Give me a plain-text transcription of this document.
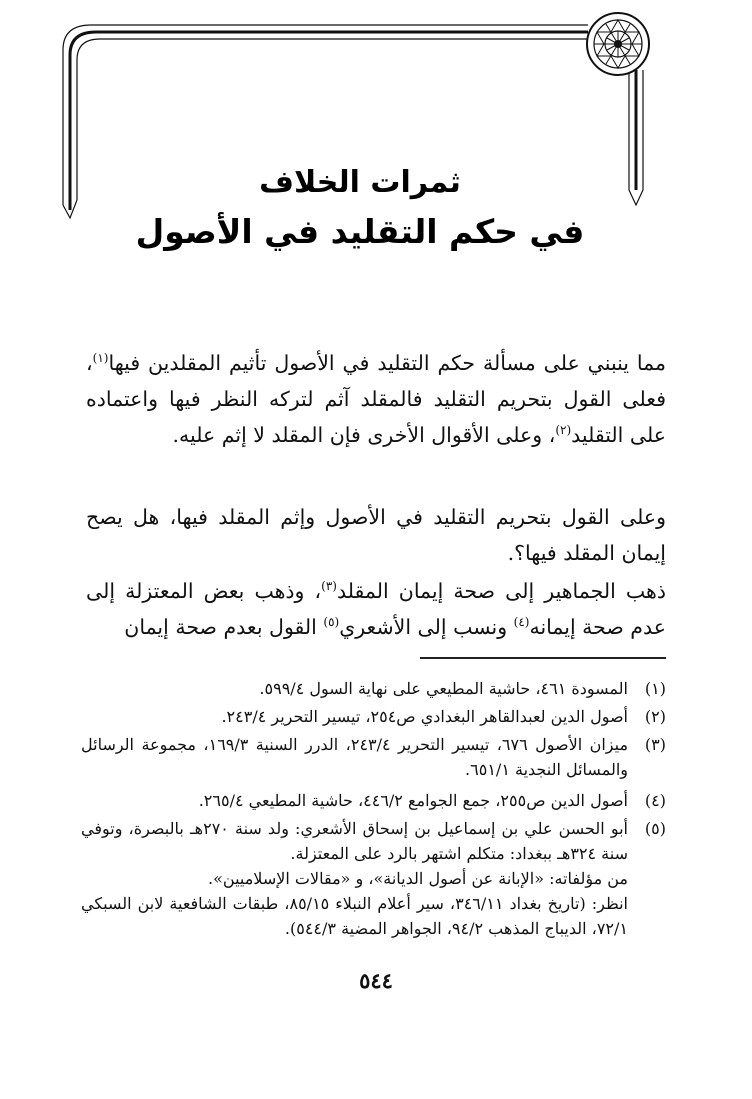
ثمرات الخلاف
في حكم التقليد في الأصول

مما ينبني على مسألة حكم التقليد في الأصول تأثيم المقلدين فيها$^{(١)}$، فعلى القول بتحريم التقليد فالمقلد آثم لتركه النظر فيها واعتماده على التقليد$^{(٢)}$، وعلى الأقوال الأخرى فإن المقلد لا إثم عليه.

وعلى القول بتحريم التقليد في الأصول وإثم المقلد فيها، هل يصح إيمان المقلد فيها؟.

ذهب الجماهير إلى صحة إيمان المقلد$^{(٣)}$، وذهب بعض المعتزلة إلى عدم صحة إيمانه$^{(٤)}$ ونسب إلى الأشعري$^{(٥)}$ القول بعدم صحة إيمان

(١)
المسودة ٤٦١، حاشية المطيعي على نهاية السول ٥٩٩/٤.
(٢)
أصول الدين لعبدالقاهر البغدادي ص٢٥٤، تيسير التحرير ٢٤٣/٤.
(٣)
ميزان الأصول ٦٧٦، تيسير التحرير ٢٤٣/٤، الدرر السنية ١٦٩/٣، مجموعة الرسائل والمسائل النجدية ٦٥١/١.
(٤)
أصول الدين ص٢٥٥، جمع الجوامع ٤٤٦/٢، حاشية المطيعي ٢٦٥/٤.
(٥)
أبو الحسن علي بن إسماعيل بن إسحاق الأشعري: ولد سنة ٢٧٠هـ بالبصرة، وتوفي سنة ٣٢٤هـ ببغداد: متكلم اشتهر بالرد على المعتزلة.
من مؤلفاته: «الإبانة عن أصول الديانة»، و «مقالات الإسلاميين».
انظر: (تاريخ بغداد ٣٤٦/١١، سير أعلام النبلاء ٨٥/١٥، طبقات الشافعية لابن السبكي ٧٢/١، الديباج المذهب ٩٤/٢، الجواهر المضية ٥٤٤/٣).
٥٤٤
